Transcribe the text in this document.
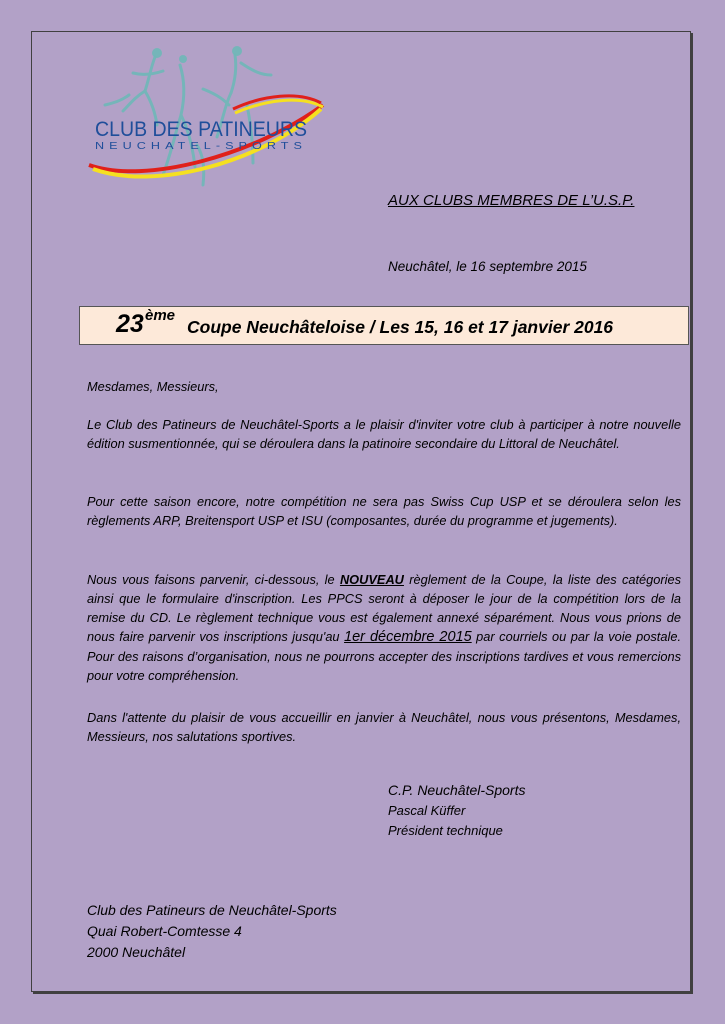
CLUB DES PATINEURS
NEUCHATEL-SPORTS
AUX CLUBS MEMBRES DE L’U.S.P.
Neuchâtel, le 16 septembre 2015
23 ème
Coupe Neuchâteloise / Les 15, 16 et 17 janvier 2016

Mesdames, Messieurs,

Le Club des Patineurs de Neuchâtel-Sports a le plaisir d'inviter votre club à participer à notre nouvelle édition susmentionnée, qui se déroulera dans la patinoire secondaire du Littoral de Neuchâtel.

Pour cette saison encore, notre compétition ne sera pas Swiss Cup USP et se déroulera selon les règlements ARP, Breitensport USP et ISU (composantes, durée du programme et jugements).

Nous vous faisons parvenir, ci-dessous, le NOUVEAU règlement de la Coupe, la liste des catégories ainsi que le formulaire d'inscription. Les PPCS seront à déposer le jour de la compétition lors de la remise du CD. Le règlement technique vous est également annexé séparément. Nous vous prions de nous faire parvenir vos inscriptions jusqu'au 1er décembre 2015 par courriels ou par la voie postale. Pour des raisons d’organisation, nous ne pourrons accepter des inscriptions tardives et vous remercions pour votre compréhension.

Dans l'attente du plaisir de vous accueillir en janvier à Neuchâtel, nous vous présentons, Mesdames, Messieurs, nos salutations sportives.

C.P. Neuchâtel-Sports
Pascal Küffer
Président technique
Club des Patineurs de Neuchâtel-Sports
Quai Robert-Comtesse 4
2000 Neuchâtel
